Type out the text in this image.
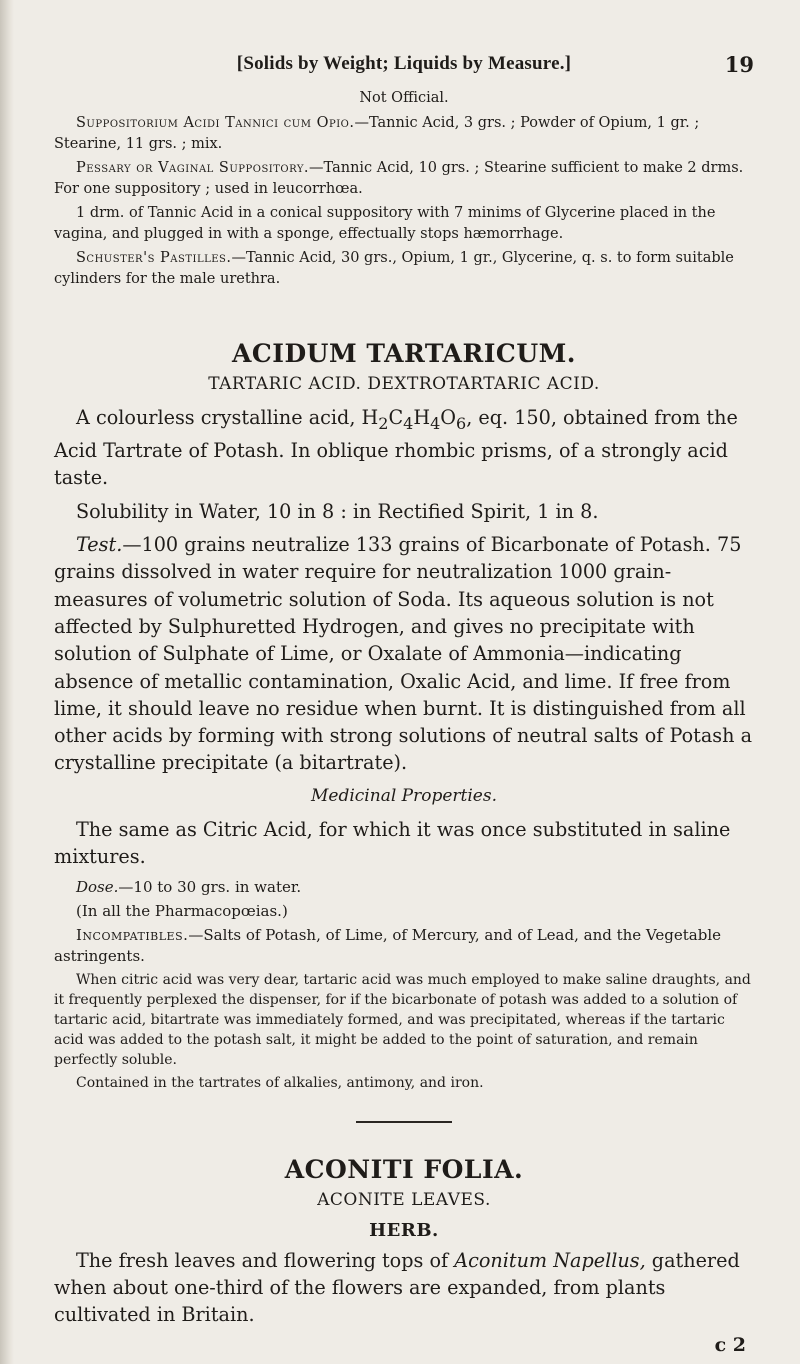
[Solids by Weight; Liquids by Measure.]	19

Not Official.

Suppositorium Acidi Tannici cum Opio.—Tannic Acid, 3 grs. ; Powder of Opium, 1 gr. ; Stearine, 11 grs. ; mix.

Pessary or Vaginal Suppository.—Tannic Acid, 10 grs. ; Stearine sufficient to make 2 drms. For one suppository ; used in leucorrhœa.

1 drm. of Tannic Acid in a conical suppository with 7 minims of Glycerine placed in the vagina, and plugged in with a sponge, effectually stops hæmorrhage.

Schuster's Pastilles.—Tannic Acid, 30 grs., Opium, 1 gr., Glycerine, q. s. to form suitable cylinders for the male urethra.

ACIDUM TARTARICUM.

TARTARIC ACID. DEXTROTARTARIC ACID.

A colourless crystalline acid, $H_2C_4H_4O_6$, eq. 150, obtained from the Acid Tartrate of Potash. In oblique rhombic prisms, of a strongly acid taste.

Solubility in Water, 10 in 8 : in Rectified Spirit, 1 in 8.

Test.—100 grains neutralize 133 grains of Bicarbonate of Potash. 75 grains dissolved in water require for neutralization 1000 grain-measures of volumetric solution of Soda. Its aqueous solution is not affected by Sulphuretted Hydrogen, and gives no precipitate with solution of Sulphate of Lime, or Oxalate of Ammonia—indicating absence of metallic contamination, Oxalic Acid, and lime. If free from lime, it should leave no residue when burnt. It is distinguished from all other acids by forming with strong solutions of neutral salts of Potash a crystalline precipitate (a bitartrate).

Medicinal Properties.

The same as Citric Acid, for which it was once substituted in saline mixtures.

Dose.—10 to 30 grs. in water.

(In all the Pharmacopœias.)

Incompatibles.—Salts of Potash, of Lime, of Mercury, and of Lead, and the Vegetable astringents.

When citric acid was very dear, tartaric acid was much employed to make saline draughts, and it frequently perplexed the dispenser, for if the bicarbonate of potash was added to a solution of tartaric acid, bitartrate was immediately formed, and was precipitated, whereas if the tartaric acid was added to the potash salt, it might be added to the point of saturation, and remain perfectly soluble.

Contained in the tartrates of alkalies, antimony, and iron.

ACONITI FOLIA.

ACONITE LEAVES.

HERB.

The fresh leaves and flowering tops of Aconitum Napellus, gathered when about one-third of the flowers are expanded, from plants cultivated in Britain.

c 2
